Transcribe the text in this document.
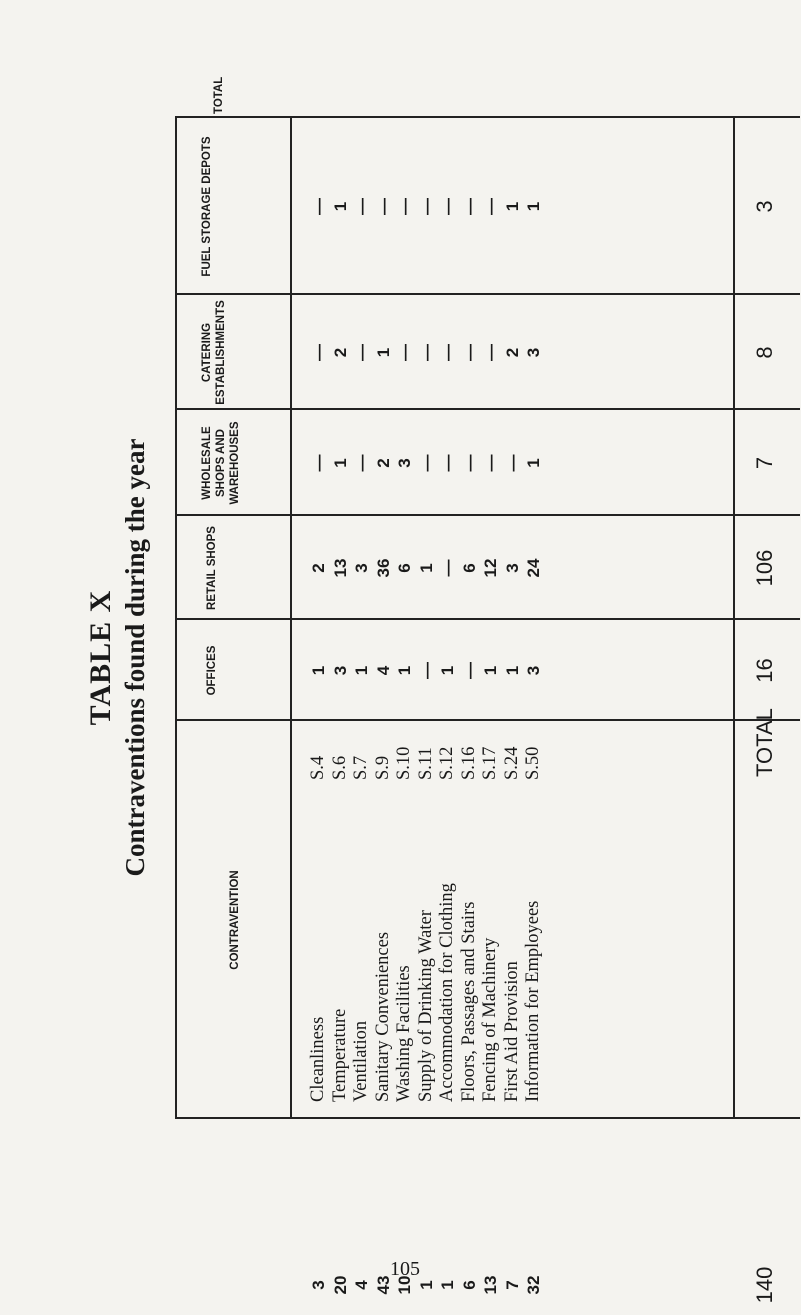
TABLE X Contraventions found during the year
CONTRAVENTION
OFFICES
RETAIL SHOPS
WHOLESALE SHOPS AND WAREHOUSES
CATERING ESTABLISHMENTS
FUEL STORAGE DEPOTS
TOTAL
Cleanliness
S.4
1
2
—
—
—
3
Temperature
S.6
3
13
1
2
1
20
Ventilation
S.7
1
3
—
—
—
4
Sanitary Conveniences
S.9
4
36
2
1
—
43
Washing Facilities
S.10
1
6
3
—
—
10
Supply of Drinking Water
S.11
—
1
—
—
—
1
Accommodation for Clothing
S.12
1
—
—
—
—
1
Floors, Passages and Stairs
S.16
—
6
—
—
—
6
Fencing of Machinery
S.17
1
12
—
—
—
13
First Aid Provision
S.24
1
3
—
2
1
7
Information for Employees
S.50
3
24
1
3
1
32
TOTAL
16
106
7
8
3
140
105
